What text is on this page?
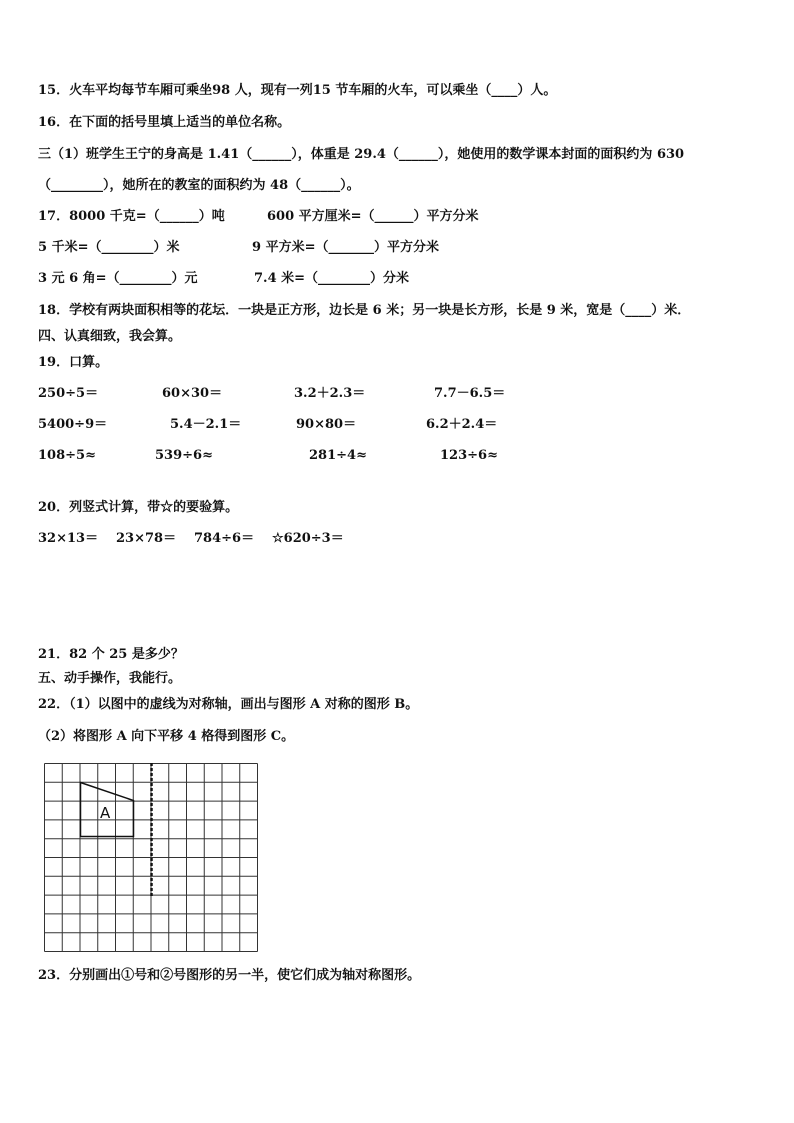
15．火车平均每节车厢可乘坐98 人，现有一列15 节车厢的火车，可以乘坐（____）人。
16．在下面的括号里填上适当的单位名称。
三（1）班学生王宁的身高是 1.41（______），体重是 29.4（______），她使用的数学课本封面的面积约为 630
（________），她所在的教室的面积约为 48（______）。
17．8000 千克=（______）吨	600 平方厘米=（______）平方分米
5 千米=（________）米	9 平方米=（_______）平方分米
3 元 6 角=（________）元	7.4 米=（________）分米
18．学校有两块面积相等的花坛．一块是正方形，边长是 6 米；另一块是长方形，长是 9 米，宽是（____）米．
四、认真细致，我会算。
19．口算。
250÷5＝	60×30＝	3.2＋2.3＝	7.7－6.5＝
5400÷9＝	5.4－2.1＝	90×80＝	6.2＋2.4＝
108÷5≈	539÷6≈	281÷4≈	123÷6≈
20．列竖式计算，带☆的要验算。
32×13＝ 23×78＝ 784÷6＝ ☆620÷3＝
21．82 个 25 是多少？
五、动手操作，我能行。
22．（1）以图中的虚线为对称轴，画出与图形 A 对称的图形 B。
（2）将图形 A 向下平移 4 格得到图形 C。
A
23．分别画出①号和②号图形的另一半，使它们成为轴对称图形。
